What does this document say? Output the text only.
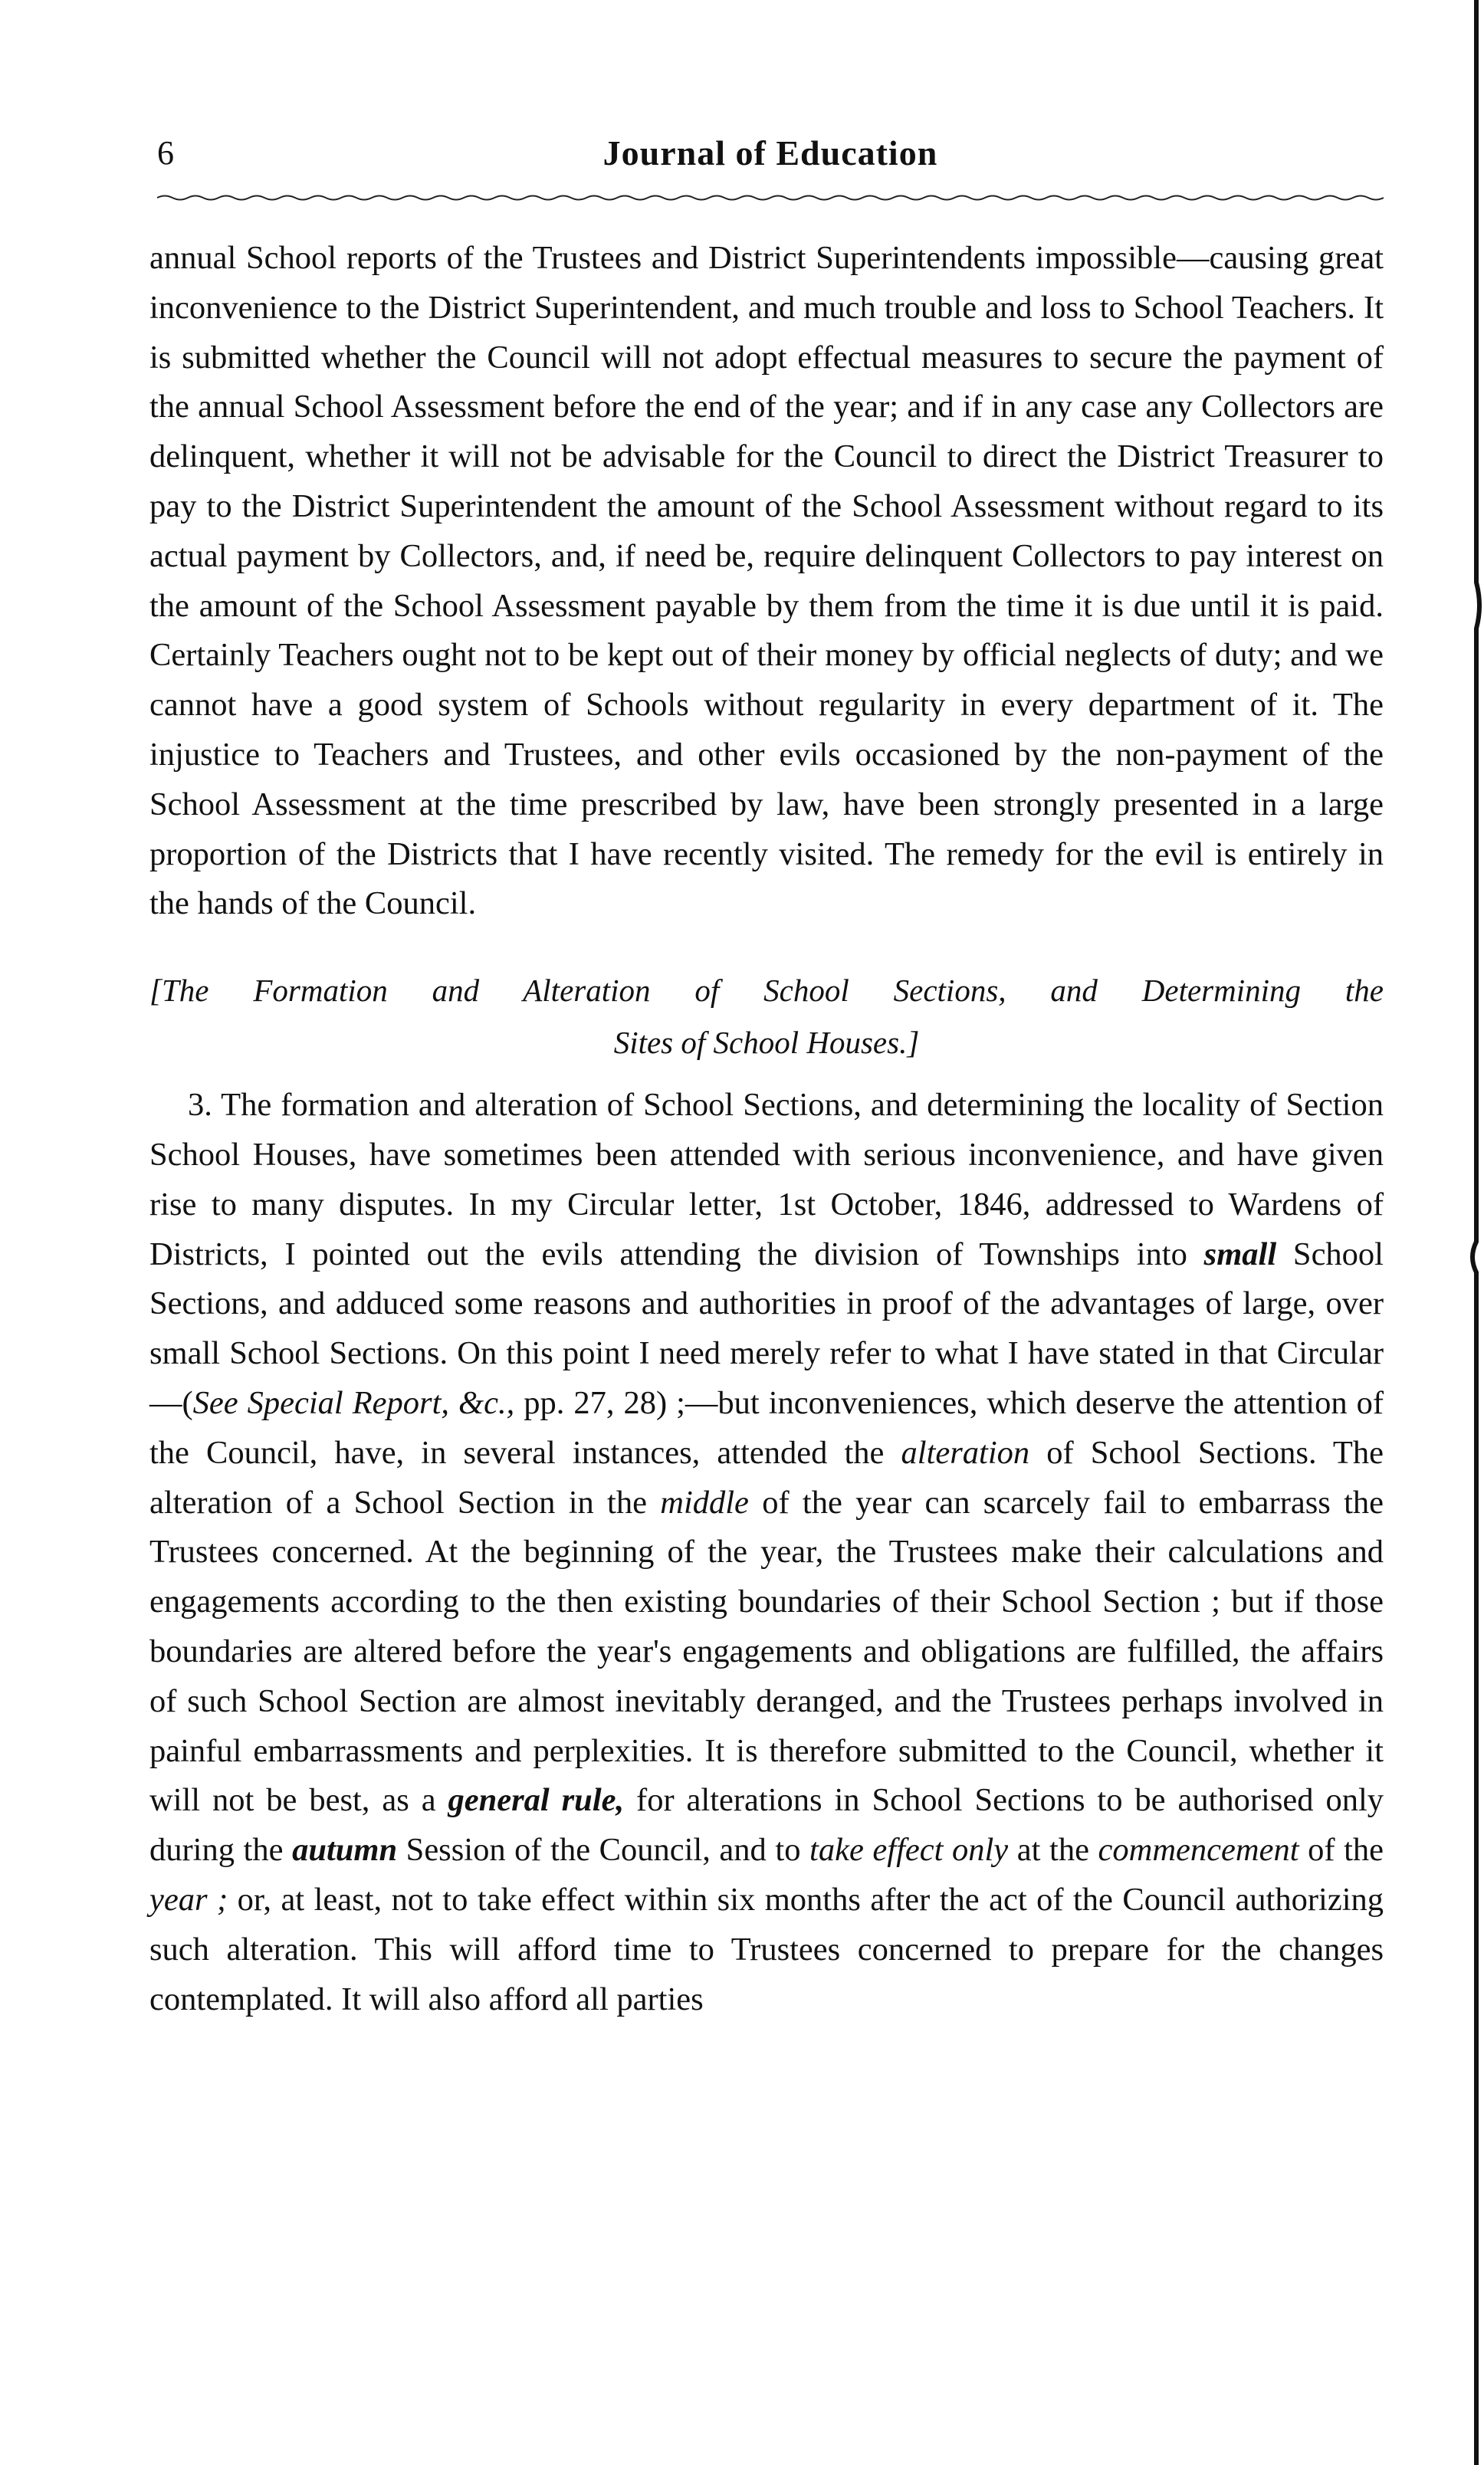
6	Journal of Education

annual School reports of the Trustees and District Superintendents impossible—causing great inconvenience to the District Superintendent, and much trouble and loss to School Teachers. It is submitted whether the Council will not adopt effectual measures to secure the payment of the annual School Assessment before the end of the year; and if in any case any Collectors are delinquent, whether it will not be advisable for the Council to direct the District Treasurer to pay to the District Superintendent the amount of the School Assessment without regard to its actual payment by Collectors, and, if need be, require delinquent Collectors to pay interest on the amount of the School Assessment payable by them from the time it is due until it is paid. Certainly Teachers ought not to be kept out of their money by official neglects of duty; and we cannot have a good system of Schools without regularity in every department of it. The injustice to Teachers and Trustees, and other evils occasioned by the non-payment of the School Assessment at the time prescribed by law, have been strongly presented in a large proportion of the Districts that I have recently visited. The remedy for the evil is entirely in the hands of the Council.

[The Formation and Alteration of School Sections, and Determining the
Sites of School Houses.]

3. The formation and alteration of School Sections, and determining the locality of Section School Houses, have sometimes been attended with serious inconvenience, and have given rise to many disputes. In my Circular letter, 1st October, 1846, addressed to Wardens of Districts, I pointed out the evils attending the division of Townships into small School Sections, and adduced some reasons and authorities in proof of the advantages of large, over small School Sections. On this point I need merely refer to what I have stated in that Circular—(See Special Report, &c., pp. 27, 28) ;—but inconveniences, which deserve the attention of the Council, have, in several instances, attended the alteration of School Sections. The alteration of a School Section in the middle of the year can scarcely fail to embarrass the Trustees concerned. At the beginning of the year, the Trustees make their calculations and engagements according to the then existing boundaries of their School Section ; but if those boundaries are altered before the year's engagements and obligations are fulfilled, the affairs of such School Section are almost inevitably deranged, and the Trustees perhaps involved in painful embarrassments and perplexities. It is therefore submitted to the Council, whether it will not be best, as a general rule, for alterations in School Sections to be authorised only during the autumn Session of the Council, and to take effect only at the commencement of the year ; or, at least, not to take effect within six months after the act of the Council authorizing such alteration. This will afford time to Trustees concerned to prepare for the changes contemplated. It will also afford all parties
